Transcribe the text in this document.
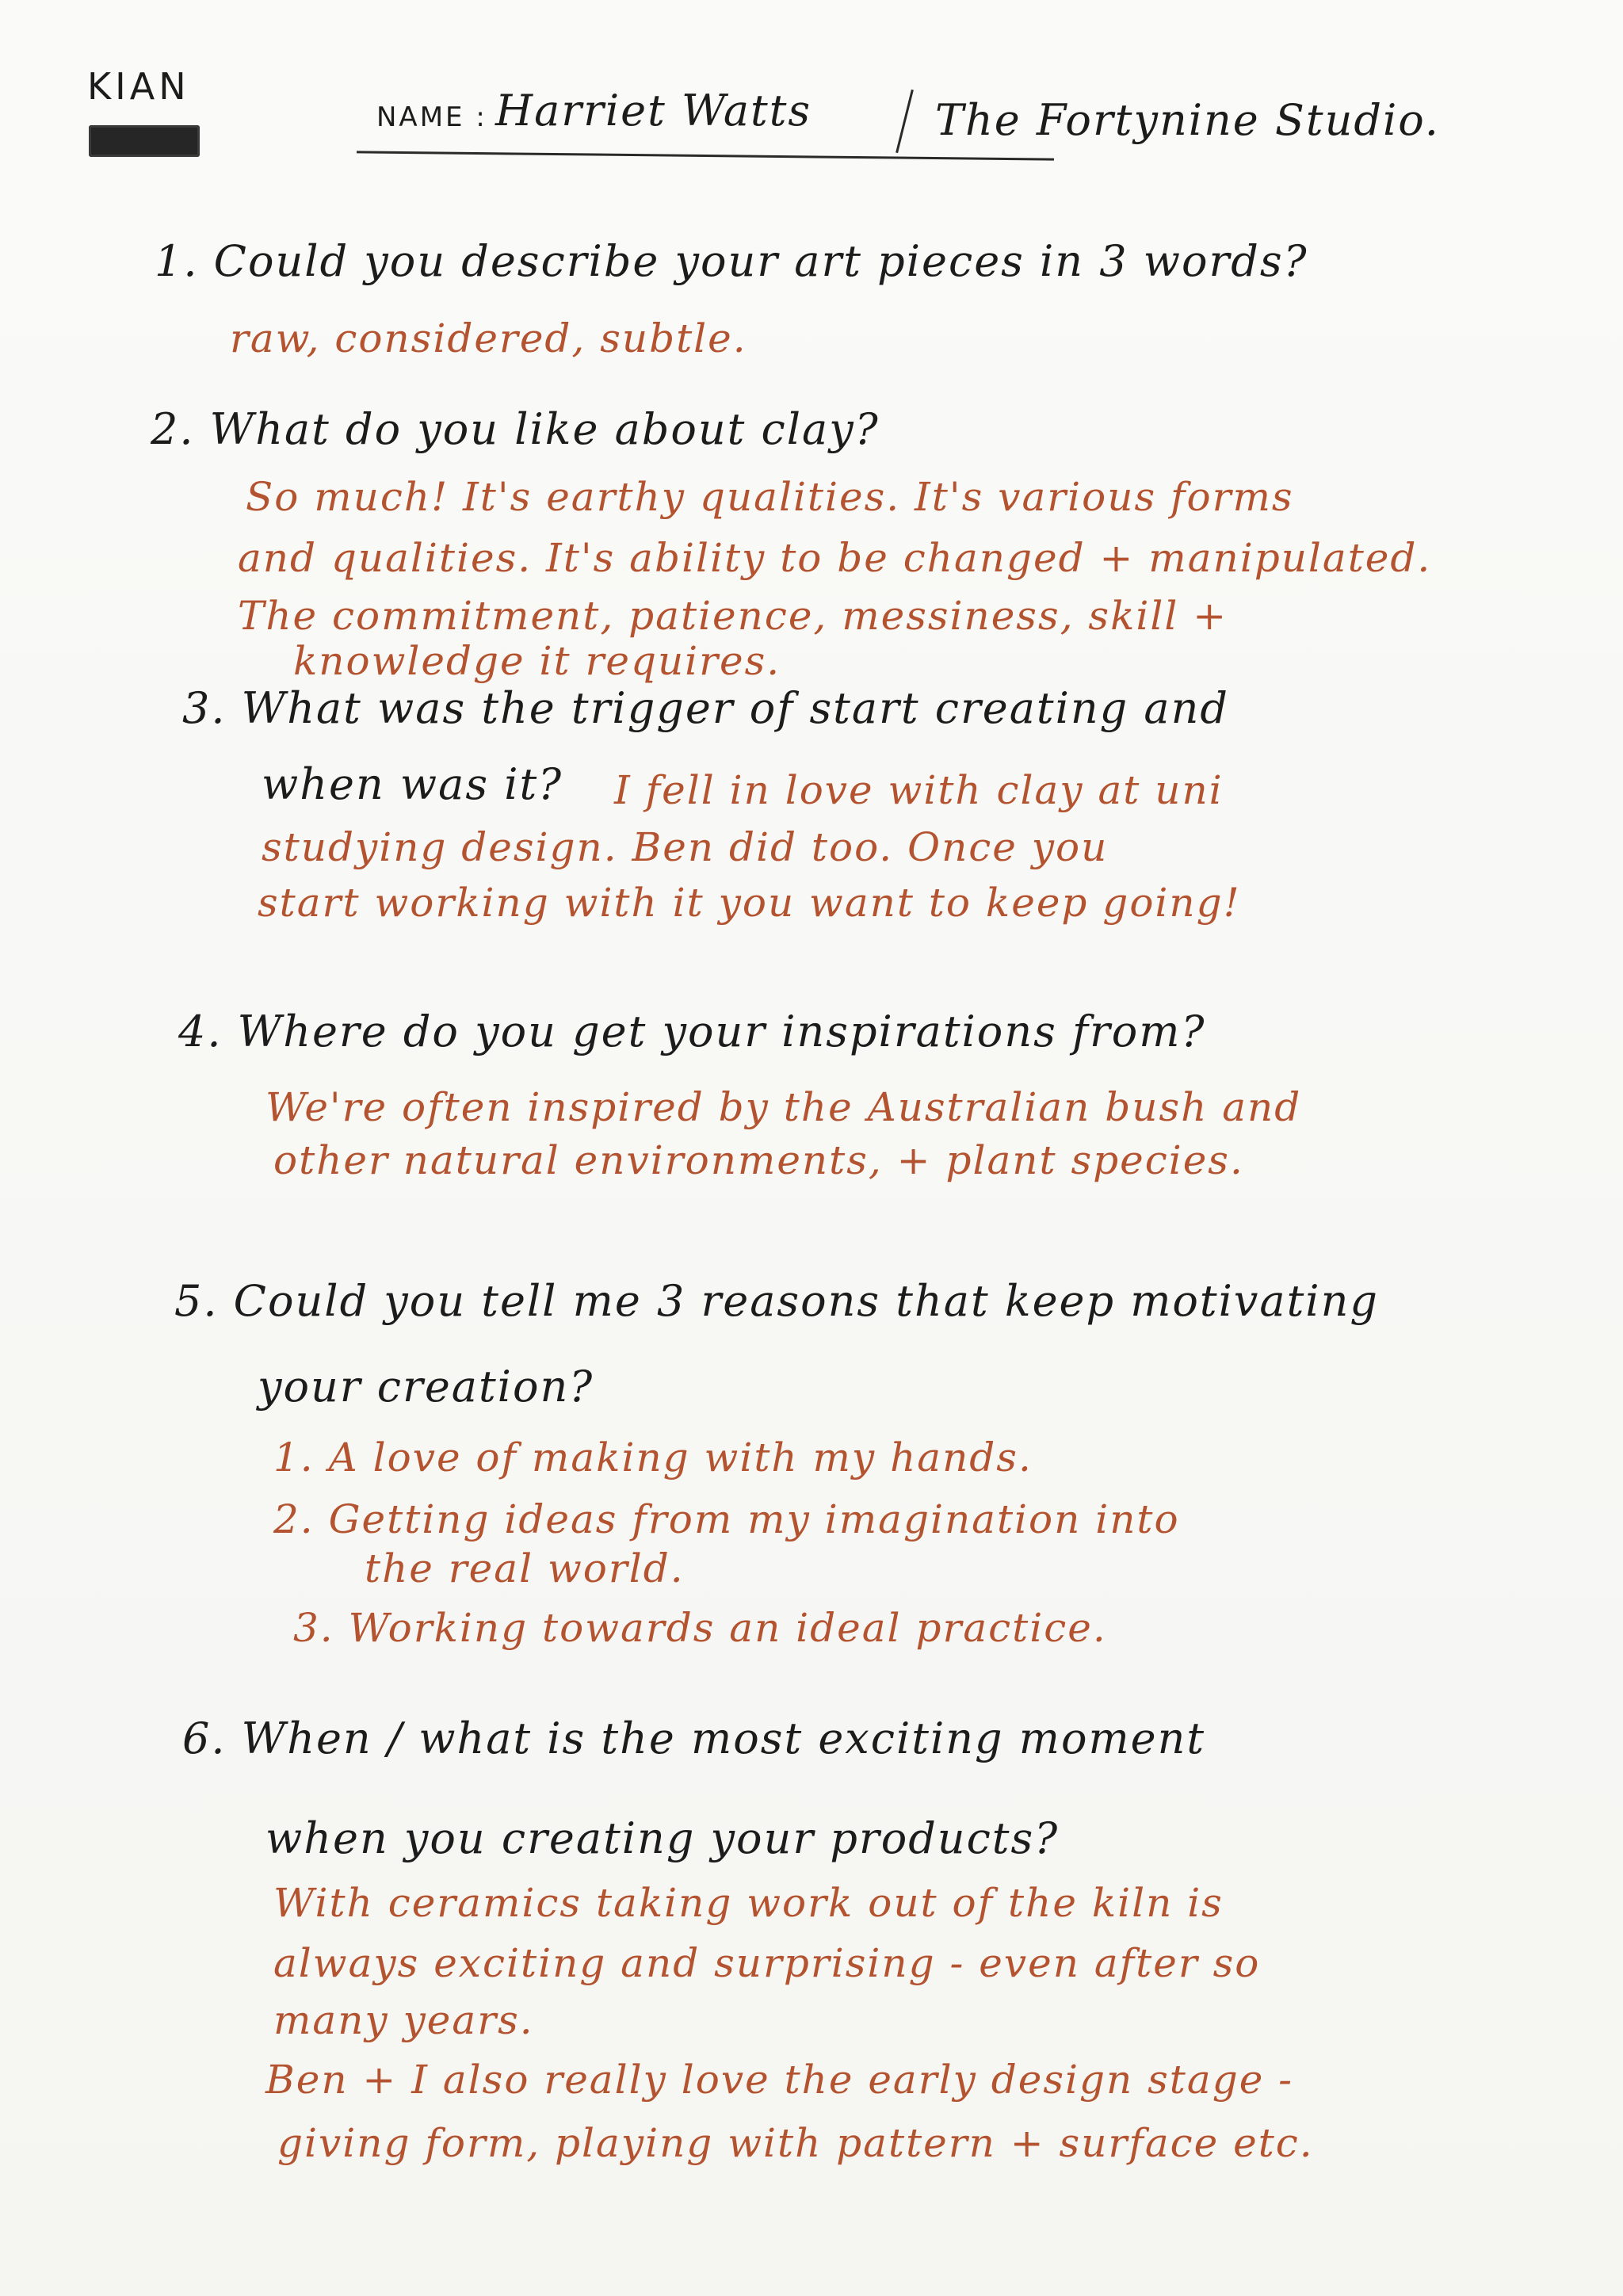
KIAN
NAME : Harriet Watts	The Fortynine Studio.
1. Could you describe your art pieces in 3 words?
raw, considered, subtle.
2. What do you like about clay?
So much! It's earthy qualities. It's various forms
and qualities. It's ability to be changed + manipulated.
The commitment, patience, messiness, skill +
knowledge it requires.
3. What was the trigger of start creating and
when was it? I fell in love with clay at uni
studying design. Ben did too. Once you
start working with it you want to keep going!
4. Where do you get your inspirations from?
We're often inspired by the Australian bush and
other natural environments, + plant species.
5. Could you tell me 3 reasons that keep motivating
your creation?
1. A love of making with my hands.
2. Getting ideas from my imagination into
the real world.
3. Working towards an ideal practice.
6. When / what is the most exciting moment
when you creating your products?
With ceramics taking work out of the kiln is
always exciting and surprising - even after so
many years.
Ben + I also really love the early design stage -
giving form, playing with pattern + surface etc.
